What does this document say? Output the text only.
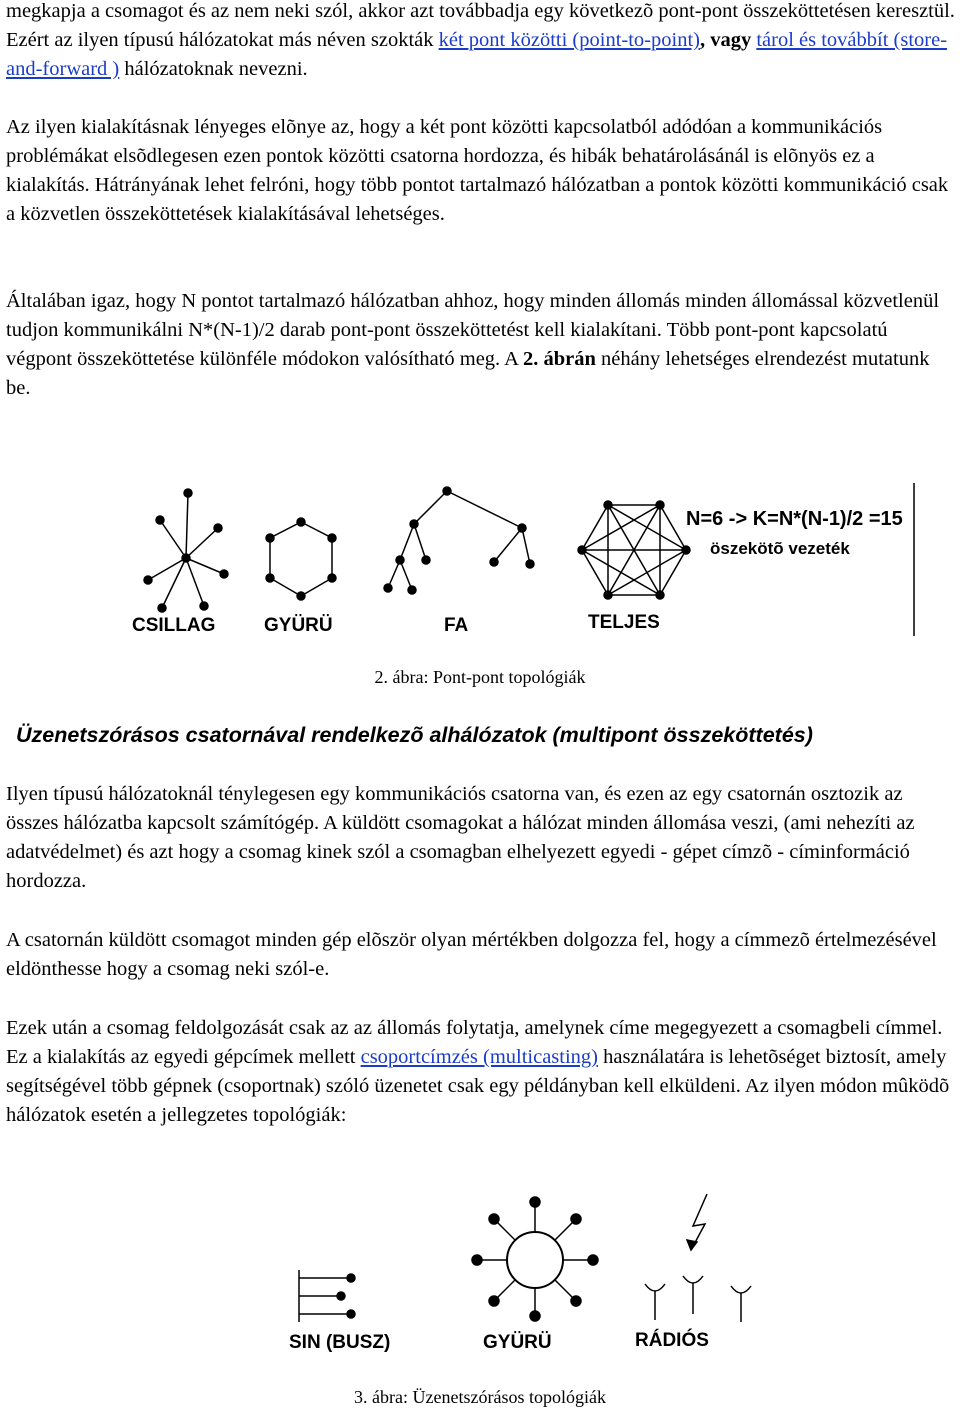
megkapja a csomagot és az nem neki szól, akkor azt továbbadja egy következõ pont-pont összeköttetésen keresztül. Ezért az ilyen típusú hálózatokat más néven szokták két pont közötti (point-to-point), vagy tárol és továbbít (store-and-forward ) hálózatoknak nevezni.

Az ilyen kialakításnak lényeges elõnye az, hogy a két pont közötti kapcsolatból adódóan a kommunikációs problémákat elsõdlegesen ezen pontok közötti csatorna hordozza, és hibák behatárolásánál is elõnyös ez a kialakítás. Hátrányának lehet felróni, hogy több pontot tartalmazó hálózatban a pontok közötti kommunikáció csak a közvetlen összeköttetések kialakításával lehetséges.

Általában igaz, hogy N pontot tartalmazó hálózatban ahhoz, hogy minden állomás minden állomással közvetlenül tudjon kommunikálni N*(N-1)/2 darab pont-pont összeköttetést kell kialakítani. Több pont-pont kapcsolatú végpont összeköttetése különféle módokon valósítható meg. A 2. ábrán néhány lehetséges elrendezést mutatunk be.

CSILLAG	GYÜRÜ	FA	TELJES
N=6 -> K=N*(N-1)/2 =15
öszekötõ vezeték

2. ábra: Pont-pont topológiák

Üzenetszórásos csatornával rendelkezõ alhálózatok (multipont összeköttetés)

Ilyen típusú hálózatoknál ténylegesen egy kommunikációs csatorna van, és ezen az egy csatornán osztozik az összes hálózatba kapcsolt számítógép. A küldött csomagokat a hálózat minden állomása veszi, (ami nehezíti az adatvédelmet) és azt hogy a csomag kinek szól a csomagban elhelyezett egyedi - gépet címzõ - címinformáció hordozza.

A csatornán küldött csomagot minden gép elõször olyan mértékben dolgozza fel, hogy a címmezõ értelmezésével eldönthesse hogy a csomag neki szól-e.

Ezek után a csomag feldolgozását csak az az állomás folytatja, amelynek címe megegyezett a csomagbeli címmel. Ez a kialakítás az egyedi gépcímek mellett csoportcímzés (multicasting) használatára is lehetõséget biztosít, amely segítségével több gépnek (csoportnak) szóló üzenetet csak egy példányban kell elküldeni. Az ilyen módon mûködõ hálózatok esetén a jellegzetes topológiák:

SIN (BUSZ)	GYÜRÜ	RÁDIÓS

3. ábra: Üzenetszórásos topológiák
